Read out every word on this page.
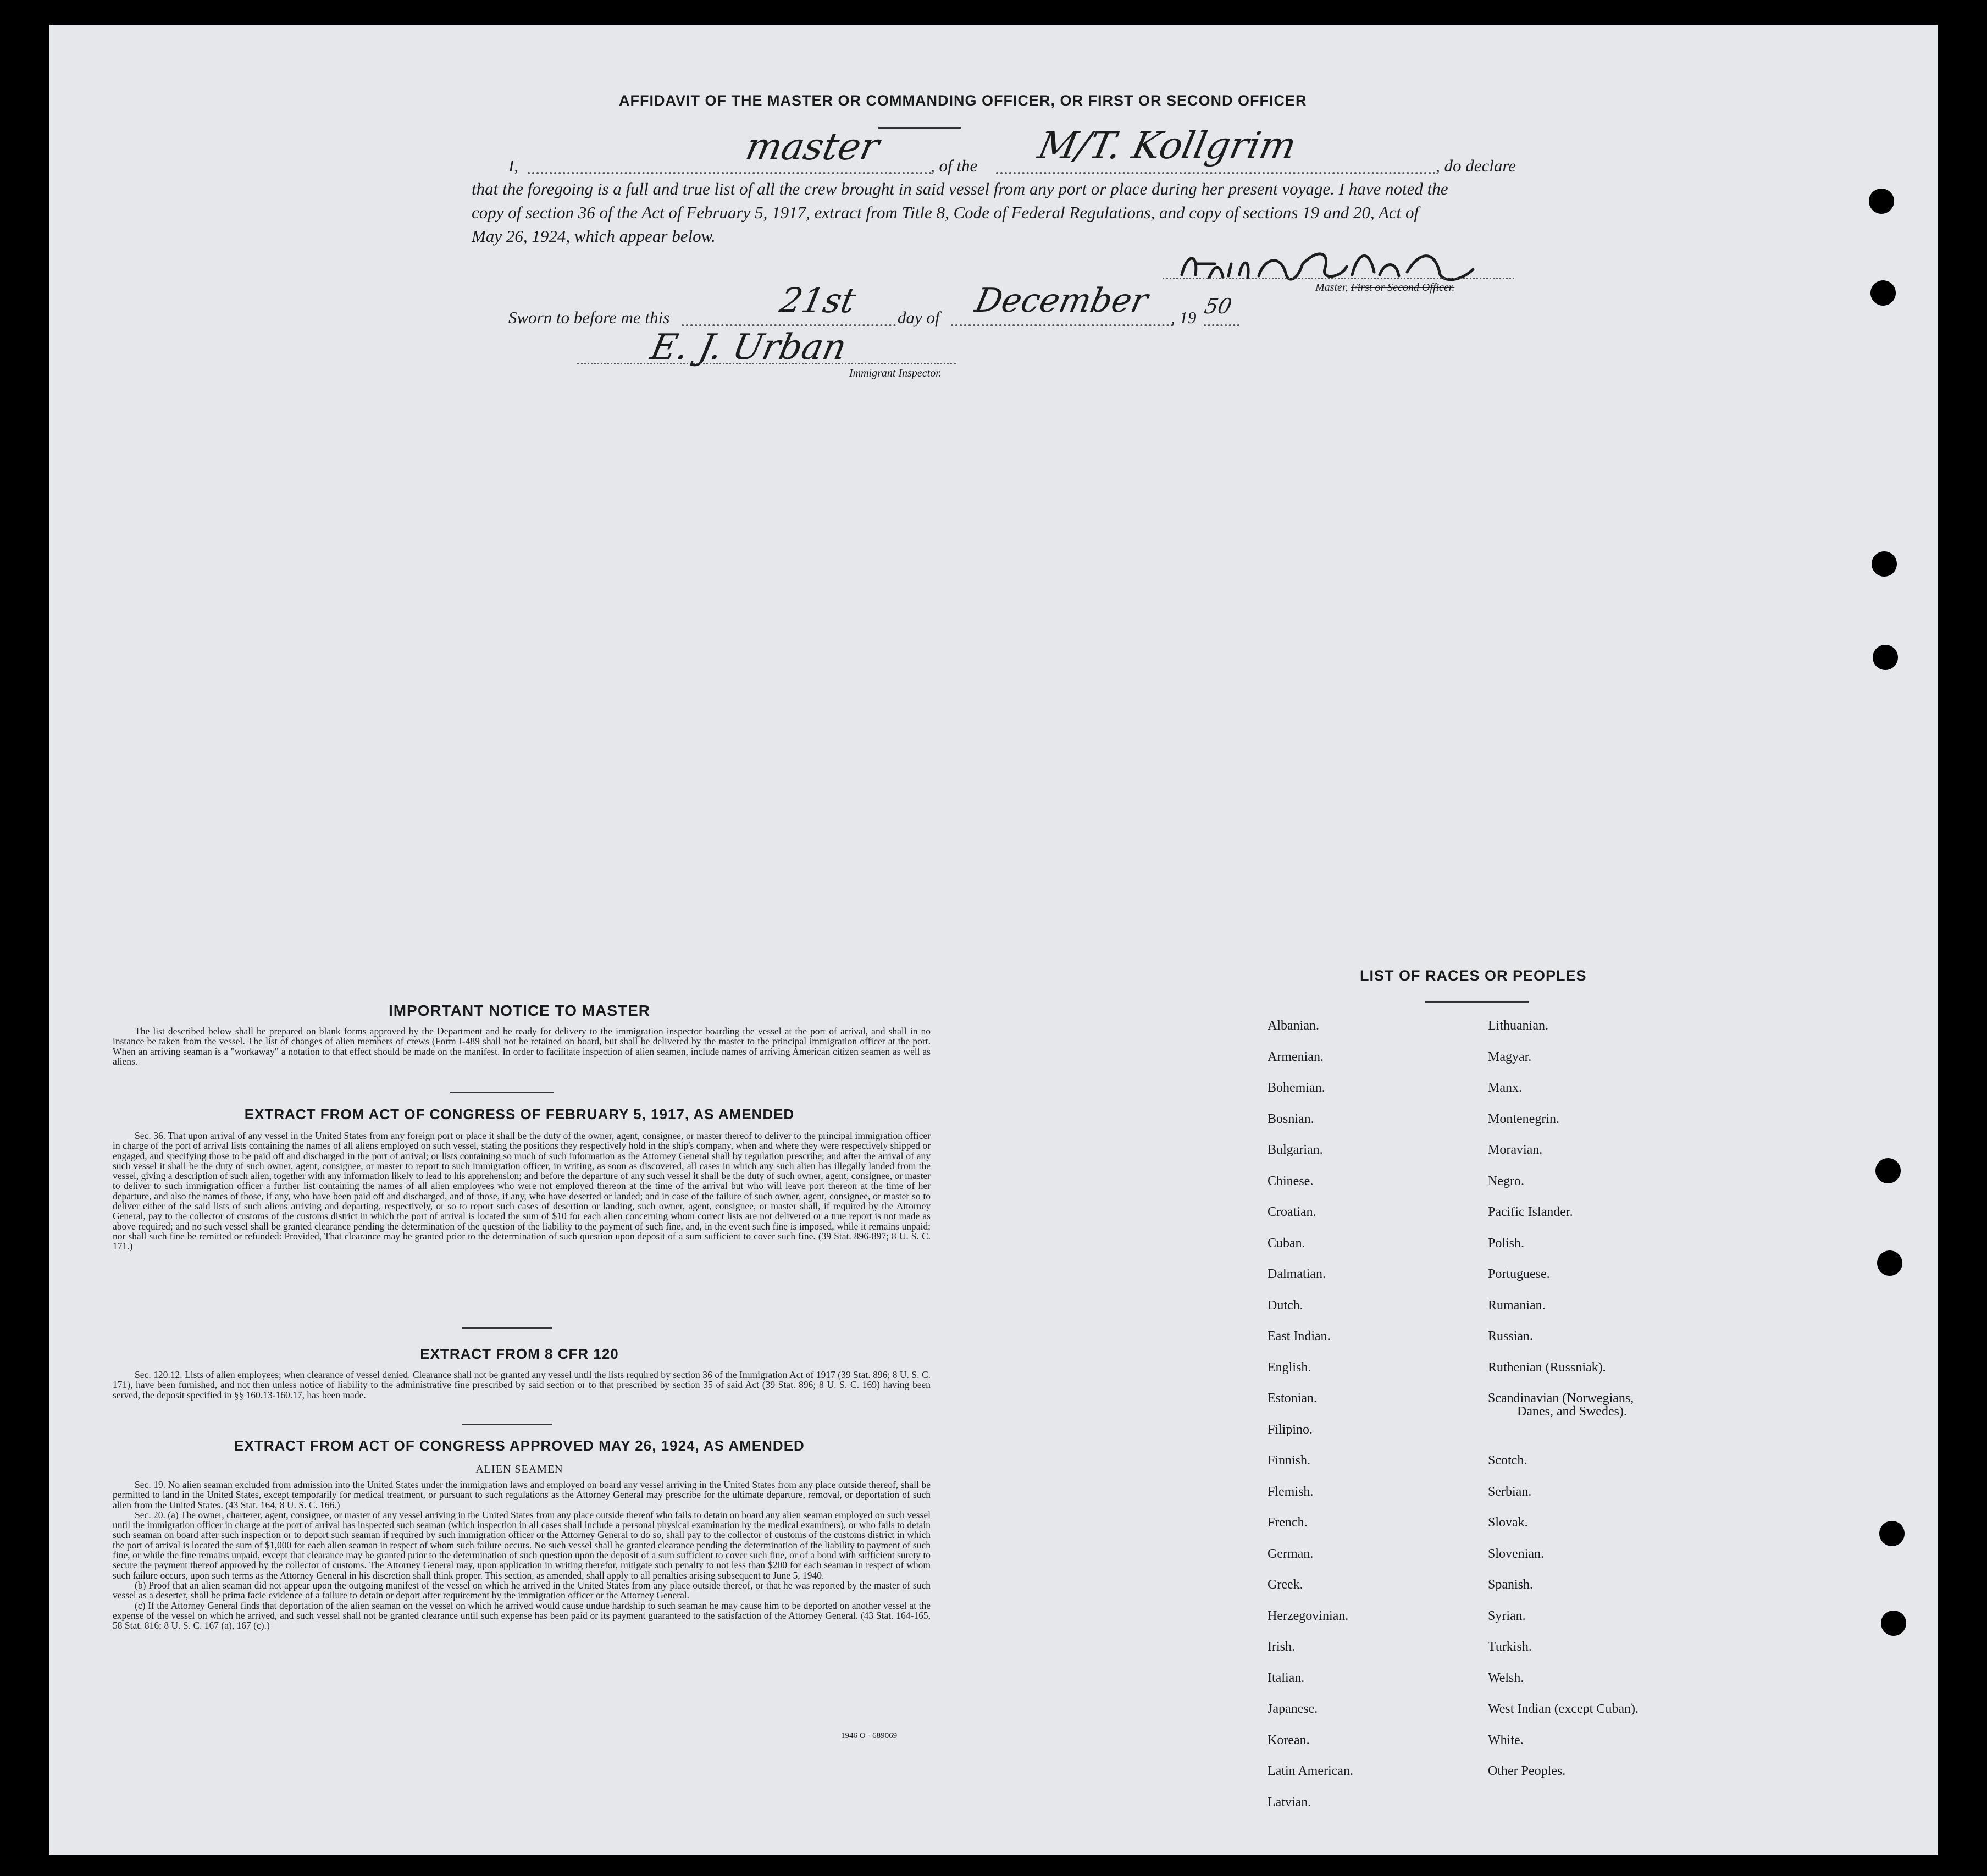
AFFIDAVIT OF THE MASTER OR COMMANDING OFFICER, OR FIRST OR SECOND OFFICER
I,	master	, of the M/T. Kollgrim	, do declare
that the foregoing is a full and true list of all the crew brought in said vessel from any port or place during her present voyage. I have noted the
copy of section 36 of the Act of February 5, 1917, extract from Title 8, Code of Federal Regulations, and copy of sections 19 and 20, Act of
May 26, 1924, which appear below.
Master, First or Second Officer.
Sworn to before me this	21st day of December , 19 50
E. J. Urban
Immigrant Inspector.
IMPORTANT NOTICE TO MASTER

The list described below shall be prepared on blank forms approved by the Department and be ready for delivery to the immigration inspector boarding the vessel at the port of arrival, and shall in no instance be taken from the vessel. The list of changes of alien members of crews (Form I-489 shall not be retained on board, but shall be delivered by the master to the principal immigration officer at the port. When an arriving seaman is a "workaway" a notation to that effect should be made on the manifest. In order to facilitate inspection of alien seamen, include names of arriving American citizen seamen as well as aliens.

EXTRACT FROM ACT OF CONGRESS OF FEBRUARY 5, 1917, AS AMENDED

Sec. 36. That upon arrival of any vessel in the United States from any foreign port or place it shall be the duty of the owner, agent, consignee, or master thereof to deliver to the principal immigration officer in charge of the port of arrival lists containing the names of all aliens employed on such vessel, stating the positions they respectively hold in the ship's company, when and where they were respectively shipped or engaged, and specifying those to be paid off and discharged in the port of arrival; or lists containing so much of such information as the Attorney General shall by regulation prescribe; and after the arrival of any such vessel it shall be the duty of such owner, agent, consignee, or master to report to such immigration officer, in writing, as soon as discovered, all cases in which any such alien has illegally landed from the vessel, giving a description of such alien, together with any information likely to lead to his apprehension; and before the departure of any such vessel it shall be the duty of such owner, agent, consignee, or master to deliver to such immigration officer a further list containing the names of all alien employees who were not employed thereon at the time of the arrival but who will leave port thereon at the time of her departure, and also the names of those, if any, who have been paid off and discharged, and of those, if any, who have deserted or landed; and in case of the failure of such owner, agent, consignee, or master so to deliver either of the said lists of such aliens arriving and departing, respectively, or so to report such cases of desertion or landing, such owner, agent, consignee, or master shall, if required by the Attorney General, pay to the collector of customs of the customs district in which the port of arrival is located the sum of $10 for each alien concerning whom correct lists are not delivered or a true report is not made as above required; and no such vessel shall be granted clearance pending the determination of the question of the liability to the payment of such fine, and, in the event such fine is imposed, while it remains unpaid; nor shall such fine be remitted or refunded: Provided, That clearance may be granted prior to the determination of such question upon deposit of a sum sufficient to cover such fine. (39 Stat. 896-897; 8 U. S. C. 171.)

EXTRACT FROM 8 CFR 120

Sec. 120.12. Lists of alien employees; when clearance of vessel denied. Clearance shall not be granted any vessel until the lists required by section 36 of the Immigration Act of 1917 (39 Stat. 896; 8 U. S. C. 171), have been furnished, and not then unless notice of liability to the administrative fine prescribed by said section or to that prescribed by section 35 of said Act (39 Stat. 896; 8 U. S. C. 169) having been served, the deposit specified in §§ 160.13-160.17, has been made.

EXTRACT FROM ACT OF CONGRESS APPROVED MAY 26, 1924, AS AMENDED
ALIEN SEAMEN

Sec. 19. No alien seaman excluded from admission into the United States under the immigration laws and employed on board any vessel arriving in the United States from any place outside thereof, shall be permitted to land in the United States, except temporarily for medical treatment, or pursuant to such regulations as the Attorney General may prescribe for the ultimate departure, removal, or deportation of such alien from the United States. (43 Stat. 164, 8 U. S. C. 166.)

Sec. 20. (a) The owner, charterer, agent, consignee, or master of any vessel arriving in the United States from any place outside thereof who fails to detain on board any alien seaman employed on such vessel until the immigration officer in charge at the port of arrival has inspected such seaman (which inspection in all cases shall include a personal physical examination by the medical examiners), or who fails to detain such seaman on board after such inspection or to deport such seaman if required by such immigration officer or the Attorney General to do so, shall pay to the collector of customs of the customs district in which the port of arrival is located the sum of $1,000 for each alien seaman in respect of whom such failure occurs. No such vessel shall be granted clearance pending the determination of the liability to payment of such fine, or while the fine remains unpaid, except that clearance may be granted prior to the determination of such question upon the deposit of a sum sufficient to cover such fine, or of a bond with sufficient surety to secure the payment thereof approved by the collector of customs. The Attorney General may, upon application in writing therefor, mitigate such penalty to not less than $200 for each seaman in respect of whom such failure occurs, upon such terms as the Attorney General in his discretion shall think proper. This section, as amended, shall apply to all penalties arising subsequent to June 5, 1940.

(b) Proof that an alien seaman did not appear upon the outgoing manifest of the vessel on which he arrived in the United States from any place outside thereof, or that he was reported by the master of such vessel as a deserter, shall be prima facie evidence of a failure to detain or deport after requirement by the immigration officer or the Attorney General.

(c) If the Attorney General finds that deportation of the alien seaman on the vessel on which he arrived would cause undue hardship to such seaman he may cause him to be deported on another vessel at the expense of the vessel on which he arrived, and such vessel shall not be granted clearance until such expense has been paid or its payment guaranteed to the satisfaction of the Attorney General. (43 Stat. 164-165, 58 Stat. 816; 8 U. S. C. 167 (a), 167 (c).)

1946 O - 689069
LIST OF RACES OR PEOPLES
Albanian.
Armenian.
Bohemian.
Bosnian.
Bulgarian.
Chinese.
Croatian.
Cuban.
Dalmatian.
Dutch.
East Indian.
English.
Estonian.
Filipino.
Finnish.
Flemish.
French.
German.
Greek.
Herzegovinian.
Irish.
Italian.
Japanese.
Korean.
Latin American.
Latvian.
Lithuanian.
Magyar.
Manx.
Montenegrin.
Moravian.
Negro.
Pacific Islander.
Polish.
Portuguese.
Rumanian.
Russian.
Ruthenian (Russniak).
Scandinavian (Norwegians,
Scotch.
Serbian.
Slovak.
Slovenian.
Spanish.
Syrian.
Turkish.
Welsh.
West Indian (except Cuban).
White.
Other Peoples.
Danes, and Swedes).
